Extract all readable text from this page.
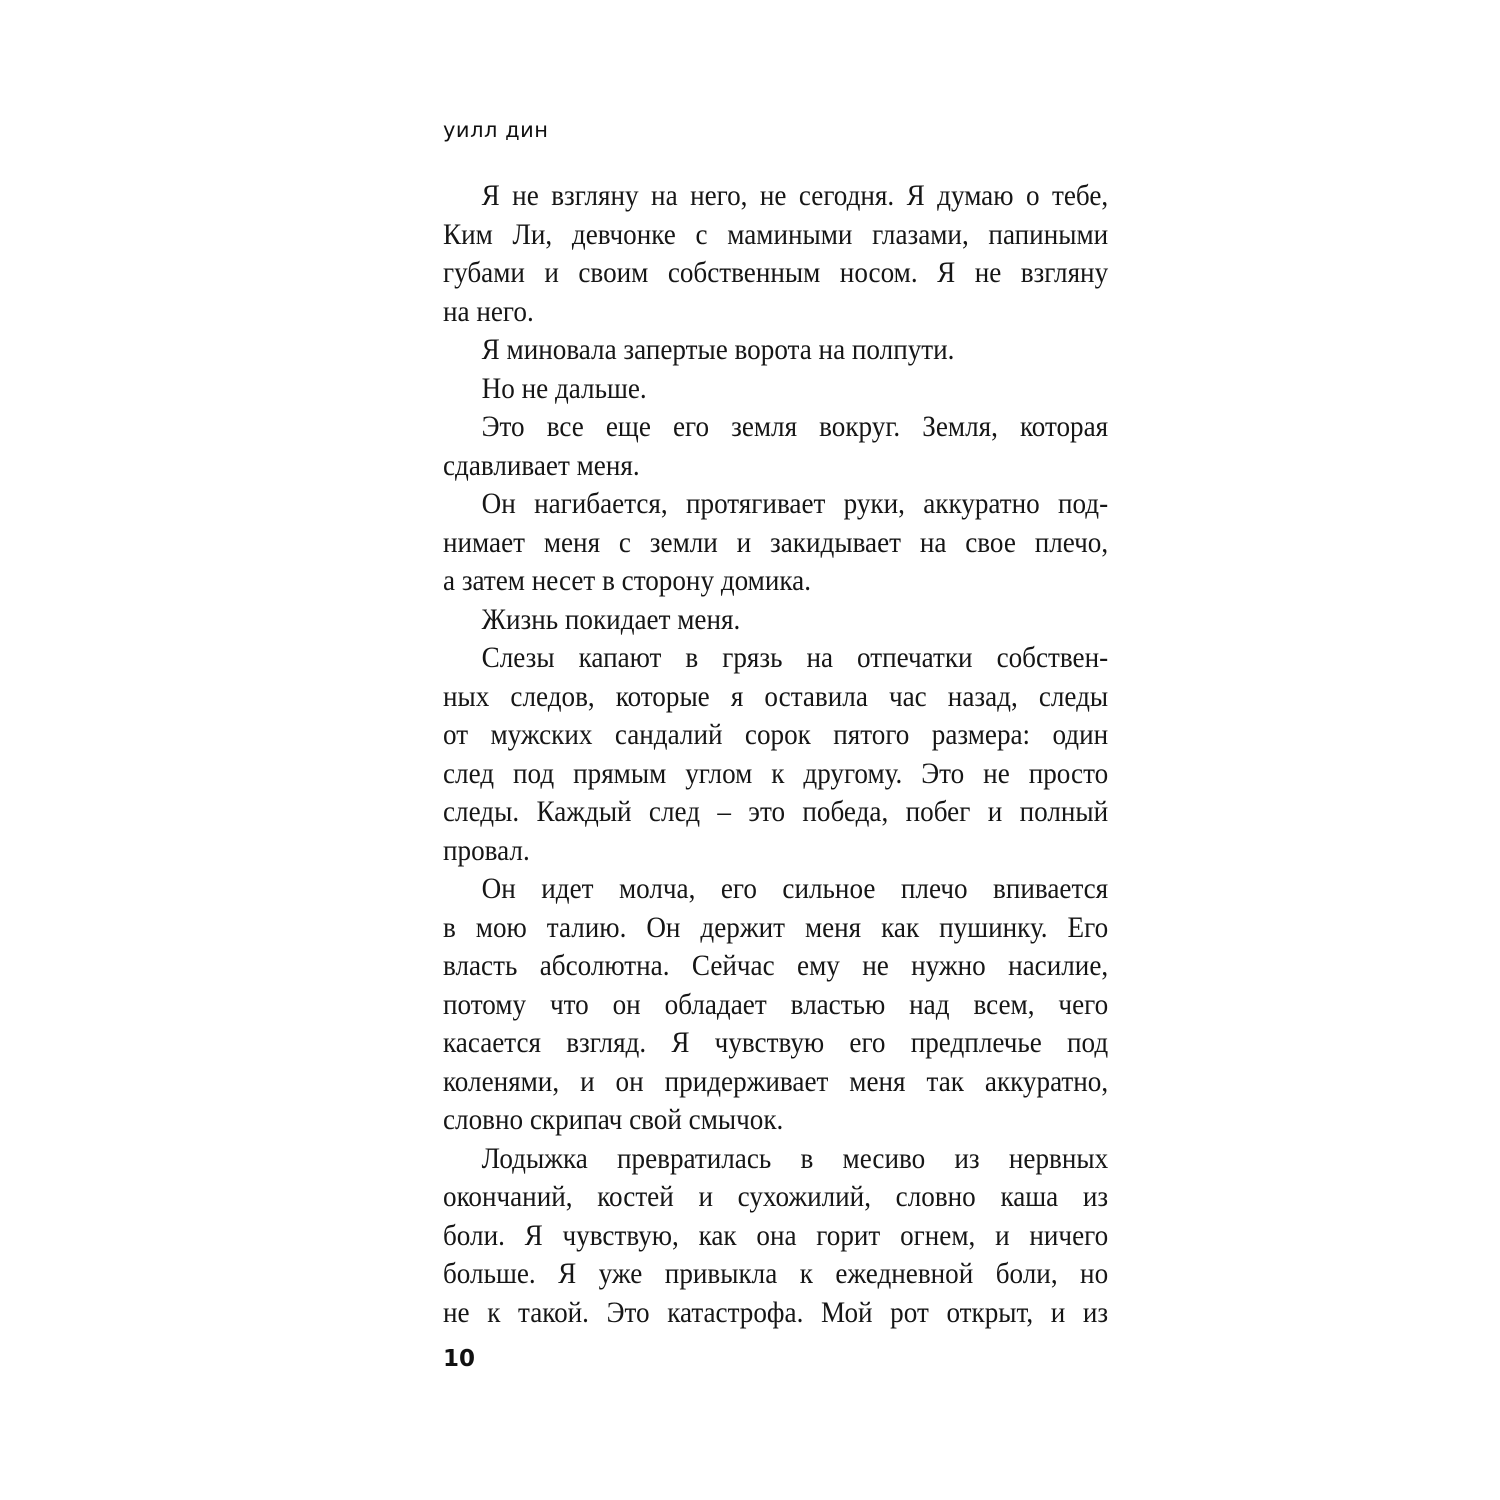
уилл дин
Я не взгляну на него, не сегодня. Я думаю о тебе,
Ким Ли, девчонке с мамиными глазами, папиными
губами и своим собственным носом. Я не взгляну
на него.
Я миновала запертые ворота на полпути.
Но не дальше.
Это все еще его земля вокруг. Земля, которая
сдавливает меня.
Он нагибается, протягивает руки, аккуратно под-
нимает меня с земли и закидывает на свое плечо,
а затем несет в сторону домика.
Жизнь покидает меня.
Слезы капают в грязь на отпечатки собствен-
ных следов, которые я оставила час назад, следы
от мужских сандалий сорок пятого размера: один
след под прямым углом к другому. Это не просто
следы. Каждый след – это победа, побег и полный
провал.
Он идет молча, его сильное плечо впивается
в мою талию. Он держит меня как пушинку. Его
власть абсолютна. Сейчас ему не нужно насилие,
потому что он обладает властью над всем, чего
касается взгляд. Я чувствую его предплечье под
коленями, и он придерживает меня так аккуратно,
словно скрипач свой смычок.
Лодыжка превратилась в месиво из нервных
окончаний, костей и сухожилий, словно каша из
боли. Я чувствую, как она горит огнем, и ничего
больше. Я уже привыкла к ежедневной боли, но
не к такой. Это катастрофа. Мой рот открыт, и из
10
